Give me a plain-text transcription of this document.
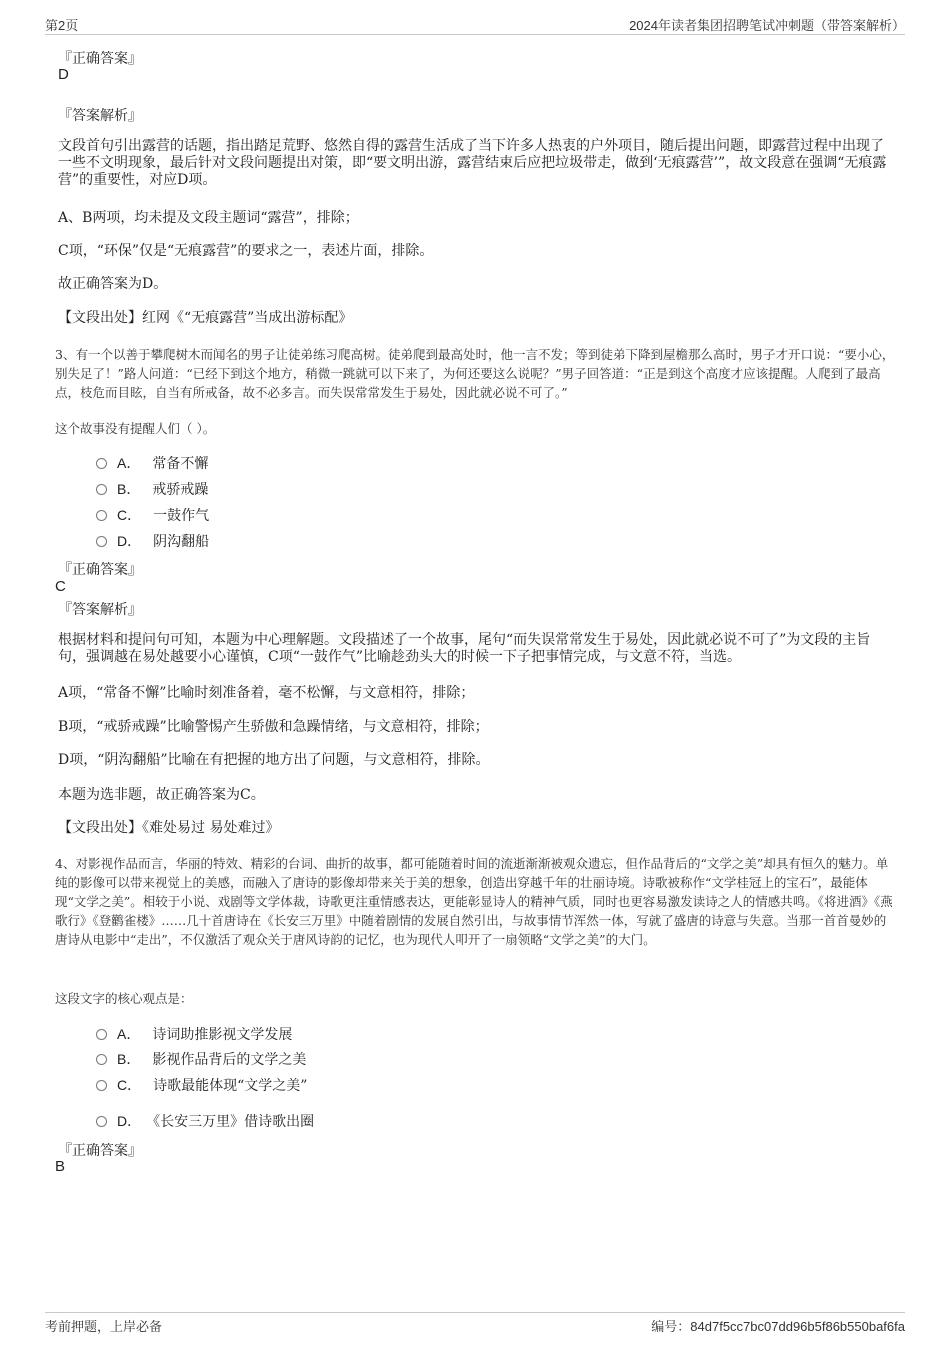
第2页	2024年读者集团招聘笔试冲刺题（带答案解析）
『正确答案』
D
『答案解析』
文段首句引出露营的话题，指出踏足荒野、悠然自得的露营生活成了当下许多人热衷的户外项目，随后提出问题，即露营过程中出现了一些不文明现象，最后针对文段问题提出对策，即“要文明出游，露营结束后应把垃圾带走，做到‘无痕露营’”，故文段意在强调“无痕露营”的重要性，对应D项。
A、B两项，均未提及文段主题词“露营”，排除；
C项，“环保”仅是“无痕露营”的要求之一，表述片面，排除。
故正确答案为D。
【文段出处】红网《“无痕露营”当成出游标配》
3、有一个以善于攀爬树木而闻名的男子让徒弟练习爬高树。徒弟爬到最高处时，他一言不发；等到徒弟下降到屋檐那么高时，男子才开口说：“要小心，别失足了！”路人问道：“已经下到这个地方，稍微一跳就可以下来了，为何还要这么说呢？”男子回答道：“正是到这个高度才应该提醒。人爬到了最高点，枝危而目眩，自当有所戒备，故不必多言。而失误常常发生于易处，因此就必说不可了。”
这个故事没有提醒人们（ ）。
A． 常备不懈
B． 戒骄戒躁
C． 一鼓作气
D． 阴沟翻船
『正确答案』
C
『答案解析』
根据材料和提问句可知，本题为中心理解题。文段描述了一个故事，尾句“而失误常常发生于易处，因此就必说不可了”为文段的主旨句，强调越在易处越要小心谨慎，C项“一鼓作气”比喻趁劲头大的时候一下子把事情完成，与文意不符，当选。
A项，“常备不懈”比喻时刻准备着，毫不松懈，与文意相符，排除；
B项，“戒骄戒躁”比喻警惕产生骄傲和急躁情绪，与文意相符，排除；
D项，“阴沟翻船”比喻在有把握的地方出了问题，与文意相符，排除。
本题为选非题，故正确答案为C。
【文段出处】《难处易过 易处难过》
4、对影视作品而言，华丽的特效、精彩的台词、曲折的故事，都可能随着时间的流逝渐渐被观众遗忘，但作品背后的“文学之美”却具有恒久的魅力。单纯的影像可以带来视觉上的美感，而融入了唐诗的影像却带来关于美的想象，创造出穿越千年的壮丽诗境。诗歌被称作“文学桂冠上的宝石”，最能体现“文学之美”。相较于小说、戏剧等文学体裁，诗歌更注重情感表达，更能彰显诗人的精神气质，同时也更容易激发读诗之人的情感共鸣。《将进酒》《燕歌行》《登鹳雀楼》……几十首唐诗在《长安三万里》中随着剧情的发展自然引出，与故事情节浑然一体，写就了盛唐的诗意与失意。当那一首首曼妙的唐诗从电影中“走出”，不仅激活了观众关于唐风诗韵的记忆，也为现代人叩开了一扇领略“文学之美”的大门。
这段文字的核心观点是：
A． 诗词助推影视文学发展
B． 影视作品背后的文学之美
C． 诗歌最能体现“文学之美”
D． 《长安三万里》借诗歌出圈
『正确答案』
B
考前押题，上岸必备	编号：84d7f5cc7bc07dd96b5f86b550baf6fa
